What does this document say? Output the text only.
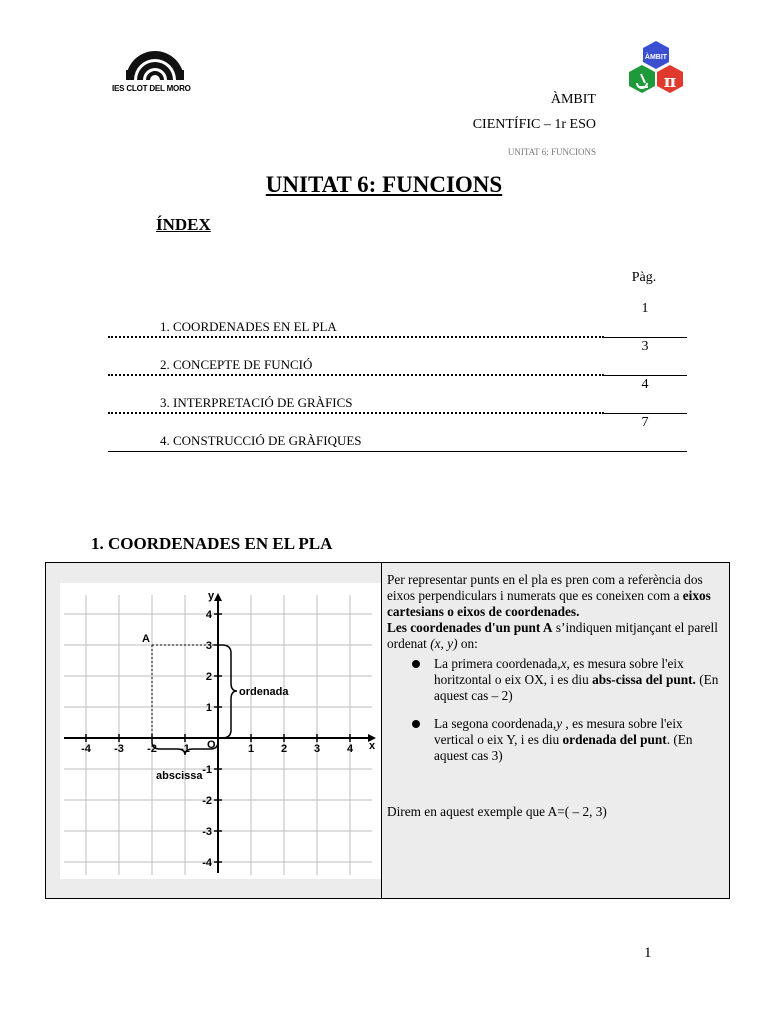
IES CLOT DEL MORO
ÀMBIT
π
ÀMBIT
CIENTÍFIC – 1r ESO
UNITAT 6: FUNCIONS
UNITAT 6: FUNCIONS
ÍNDEX
Pàg.
1. COORDENADES EN EL PLA
1
2. CONCEPTE DE FUNCIÓ
3
3. INTERPRETACIÓ DE GRÀFICS
4
4. CONSTRUCCIÓ DE GRÀFIQUES
7
1. COORDENADES EN EL PLA
-4 -3 -2 -1	1 2 3 4
4
3
2
1
-1
-2
-3
-4
x
y
O
A
ordenada
abscissa

Per representar punts en el pla es pren com a referència dos eixos perpendiculars i numerats que es coneixen com a eixos cartesians o eixos de coordenades.
Les coordenades d'un punt A s’indiquen mitjançant el parell ordenat (x, y) on:

La primera coordenada,x, es mesura sobre l'eix horitzontal o eix OX, i es diu abs-cissa del punt. (En aquest cas – 2)
La segona coordenada,y , es mesura sobre l'eix vertical o eix Y, i es diu ordenada del punt. (En aquest cas 3)

Direm en aquest exemple que A=( – 2, 3)

1
